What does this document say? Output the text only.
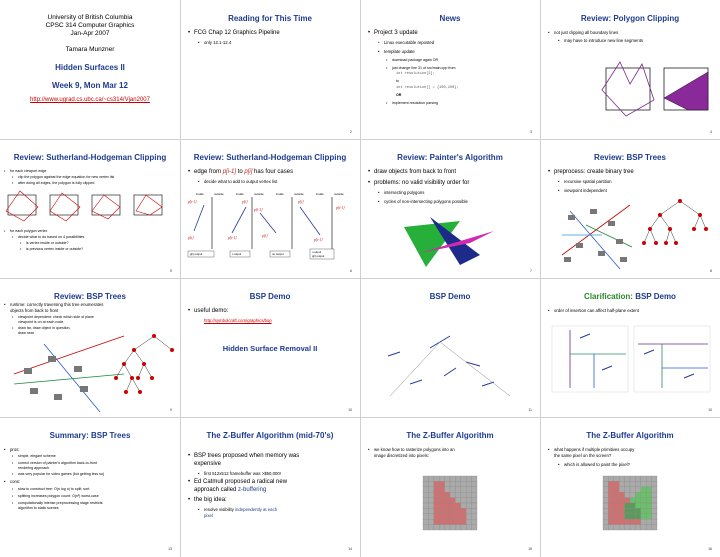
University of British Columbia
CPSC 314 Computer Graphics
Jan-Apr 2007
Tamara Munzner
Hidden Surfaces II
Week 9, Mon Mar 12
http://www.ugrad.cs.ubc.ca/~cs314/Vjan2007
Reading for This Time
• FCG Chap 12 Graphics Pipeline
• only 12.1-12.4
2
News
• Project 3 update
• Linux executable reposted
• template update
• download package again OR
• just change line 31 of src/main.cpp from
int resolution[2];
to
int resolution[] = {100,100};
OR
• implement resolution parsing
3
Review: Polygon Clipping
• not just clipping all boundary lines
• may have to introduce new line segments
4
Review: Sutherland-Hodgeman Clipping
• for each viewport edge
• clip the polygon against the edge equation for new vertex list
• after doing all edges, the polygon is fully clipped
• for each polygon vertex
• decide what to do based on 4 possibilities
• is vertex inside or outside?
• is previous vertex inside or outside?
5
Review: Sutherland-Hodgeman Clipping
• edge from p[i-1] to p[i] has four cases
• decide what to add to output vertex list
inside	outside	inside	outside	inside	outside	inside	outside
p[i-1]
p[i]	p[i-1]
p[i]
p[i]
p[i-1]
p[i]
p[i-1]
p[i-1]
p[i] output	i output	no output	i output
p[i] output
6
Review: Painter's Algorithm
• draw objects from back to front
• problems: no valid visibility order for
• intersecting polygons
• cycles of non-intersecting polygons possible
7
Review: BSP Trees
• preprocess: create binary tree
• recursive spatial partition
• viewpoint independent
8
Review: BSP Trees
• runtime: correctly traversing this tree enumerates
objects from back to front
• viewpoint dependent: check which side of plane
viewpoint is on at each node
• draw far, draw object in question,
draw near
9
BSP Demo
• useful demo:
http://symbolcraft.com/graphics/bsp
Hidden Surface Removal II
10
BSP Demo
11
Clarification: BSP Demo
• order of insertion can affect half-plane extent
10
Summary: BSP Trees
• pros:
• simple, elegant scheme
• correct version of painter's algorithm back-to-front
rendering approach
• was very popular for video games (but getting less so)
• cons:
• slow to construct tree: O(n log n) to split, sort
• splitting increases polygon count: O(n²) worst-case
• computationally intense preprocessing stage restricts
algorithm to static scenes
13
The Z-Buffer Algorithm (mid-70's)
• BSP trees proposed when memory was
expensive
• first 512x512 framebuffer was >$50,000!
• Ed Catmull proposed a radical new
approach called z-buffering
• the big idea:
• resolve visibility independently at each
pixel
14
The Z-Buffer Algorithm
• we know how to rasterize polygons into an
image discretized into pixels:
15
The Z-Buffer Algorithm
• what happens if multiple primitives occupy
the same pixel on the screen?
• which is allowed to paint the pixel?
16
